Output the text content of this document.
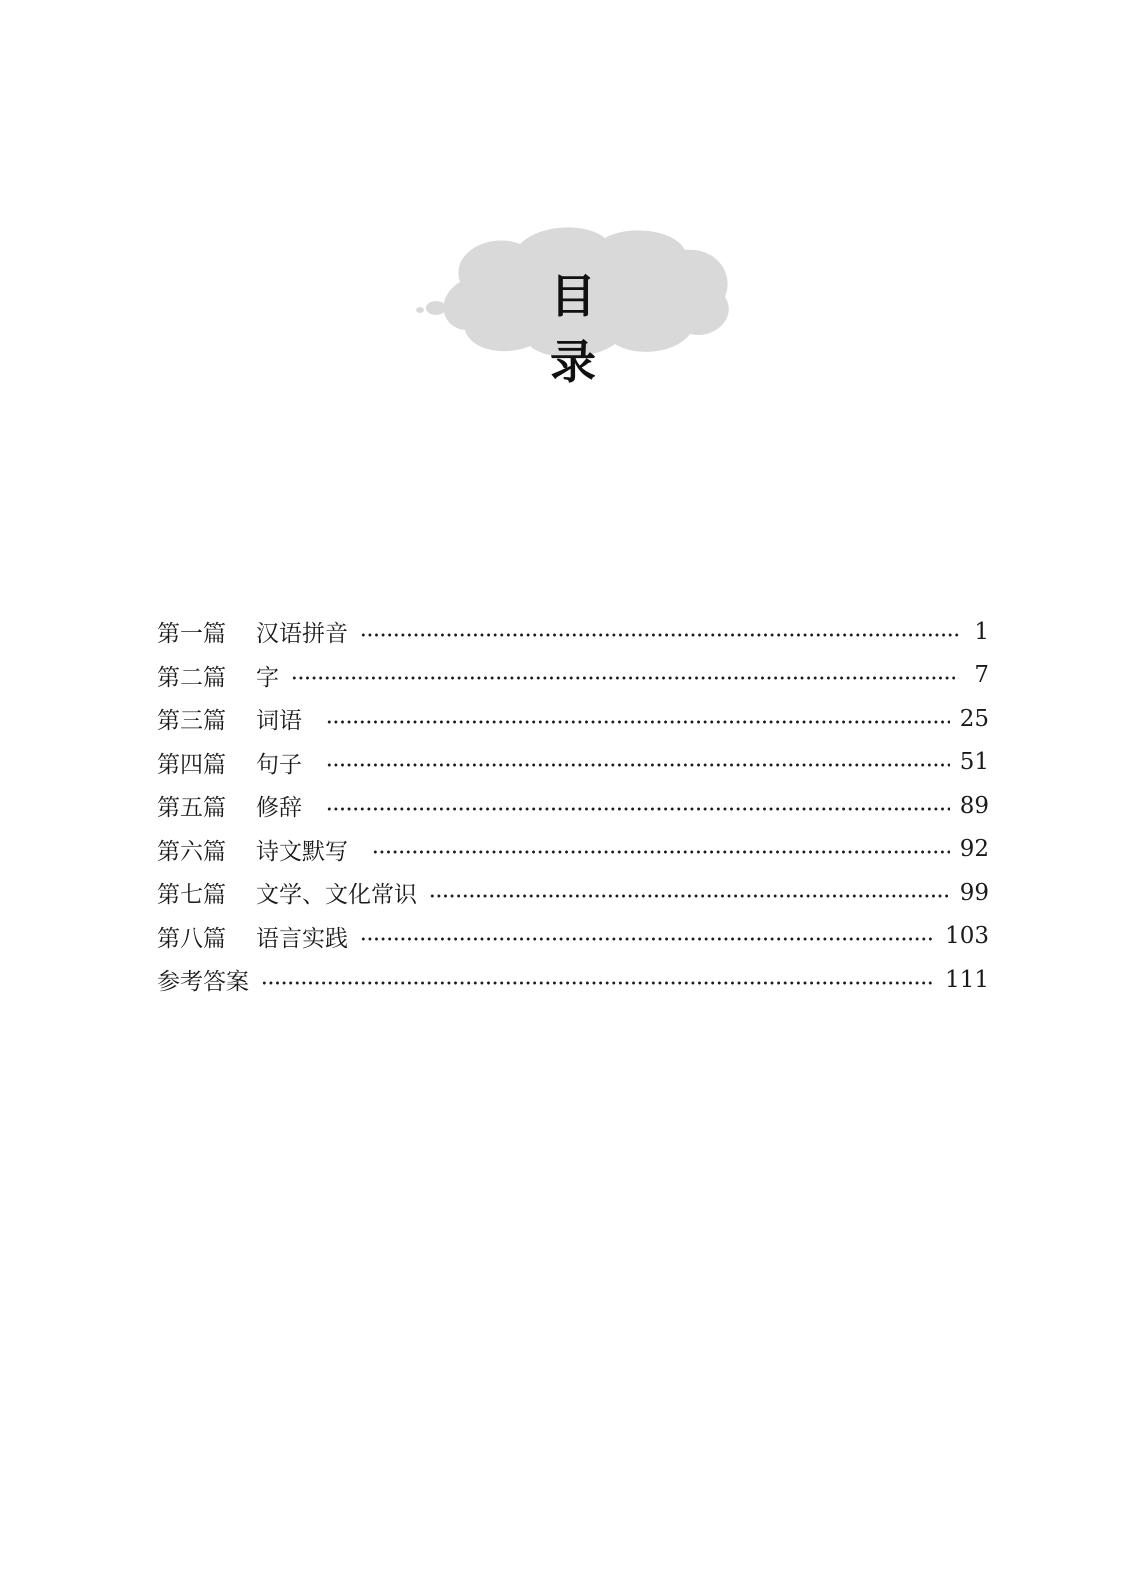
目 录
第一篇	汉语拼音	1
第二篇	字	7
第三篇	词语	25
第四篇	句子	51
第五篇	修辞	89
第六篇	诗文默写	92
第七篇	文学、文化常识	99
第八篇	语言实践	103
参考答案	111
